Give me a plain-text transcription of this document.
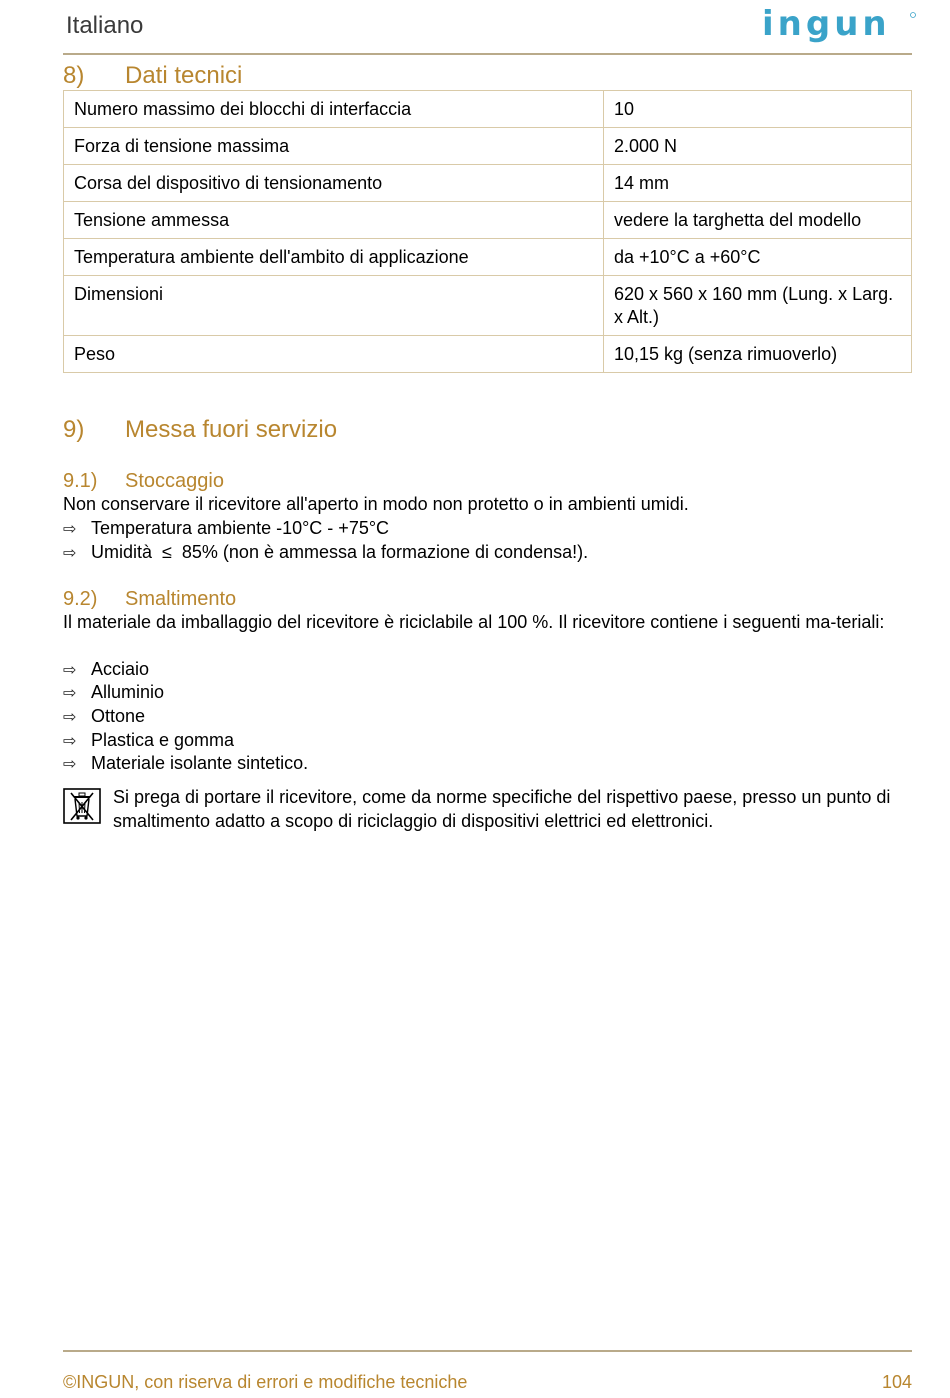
Italiano	ingun
8) Dati tecnici
Numero massimo dei blocchi di interfaccia	10
Forza di tensione massima	2.000 N
Corsa del dispositivo di tensionamento	14 mm
Tensione ammessa	vedere la targhetta del modello
Temperatura ambiente dell'ambito di applicazione	da +10°C a +60°C
Dimensioni	620 x 560 x 160 mm (Lung. x Larg. x Alt.)
Peso	10,15 kg (senza rimuoverlo)
9) Messa fuori servizio
9.1) Stoccaggio
Non conservare il ricevitore all'aperto in modo non protetto o in ambienti umidi.
⇨ Temperatura ambiente -10°C - +75°C
⇨ Umidità  ≤  85% (non è ammessa la formazione di condensa!).
9.2) Smaltimento
Il materiale da imballaggio del ricevitore è riciclabile al 100 %. Il ricevitore contiene i seguenti ma-teriali:
⇨ Acciaio
⇨ Alluminio
⇨ Ottone
⇨ Plastica e gomma
⇨ Materiale isolante sintetico.
Si prega di portare il ricevitore, come da norme specifiche del rispettivo paese, presso un punto di smaltimento adatto a scopo di riciclaggio di dispositivi elettrici ed elettronici.
©INGUN, con riserva di errori e modifiche tecniche	104
